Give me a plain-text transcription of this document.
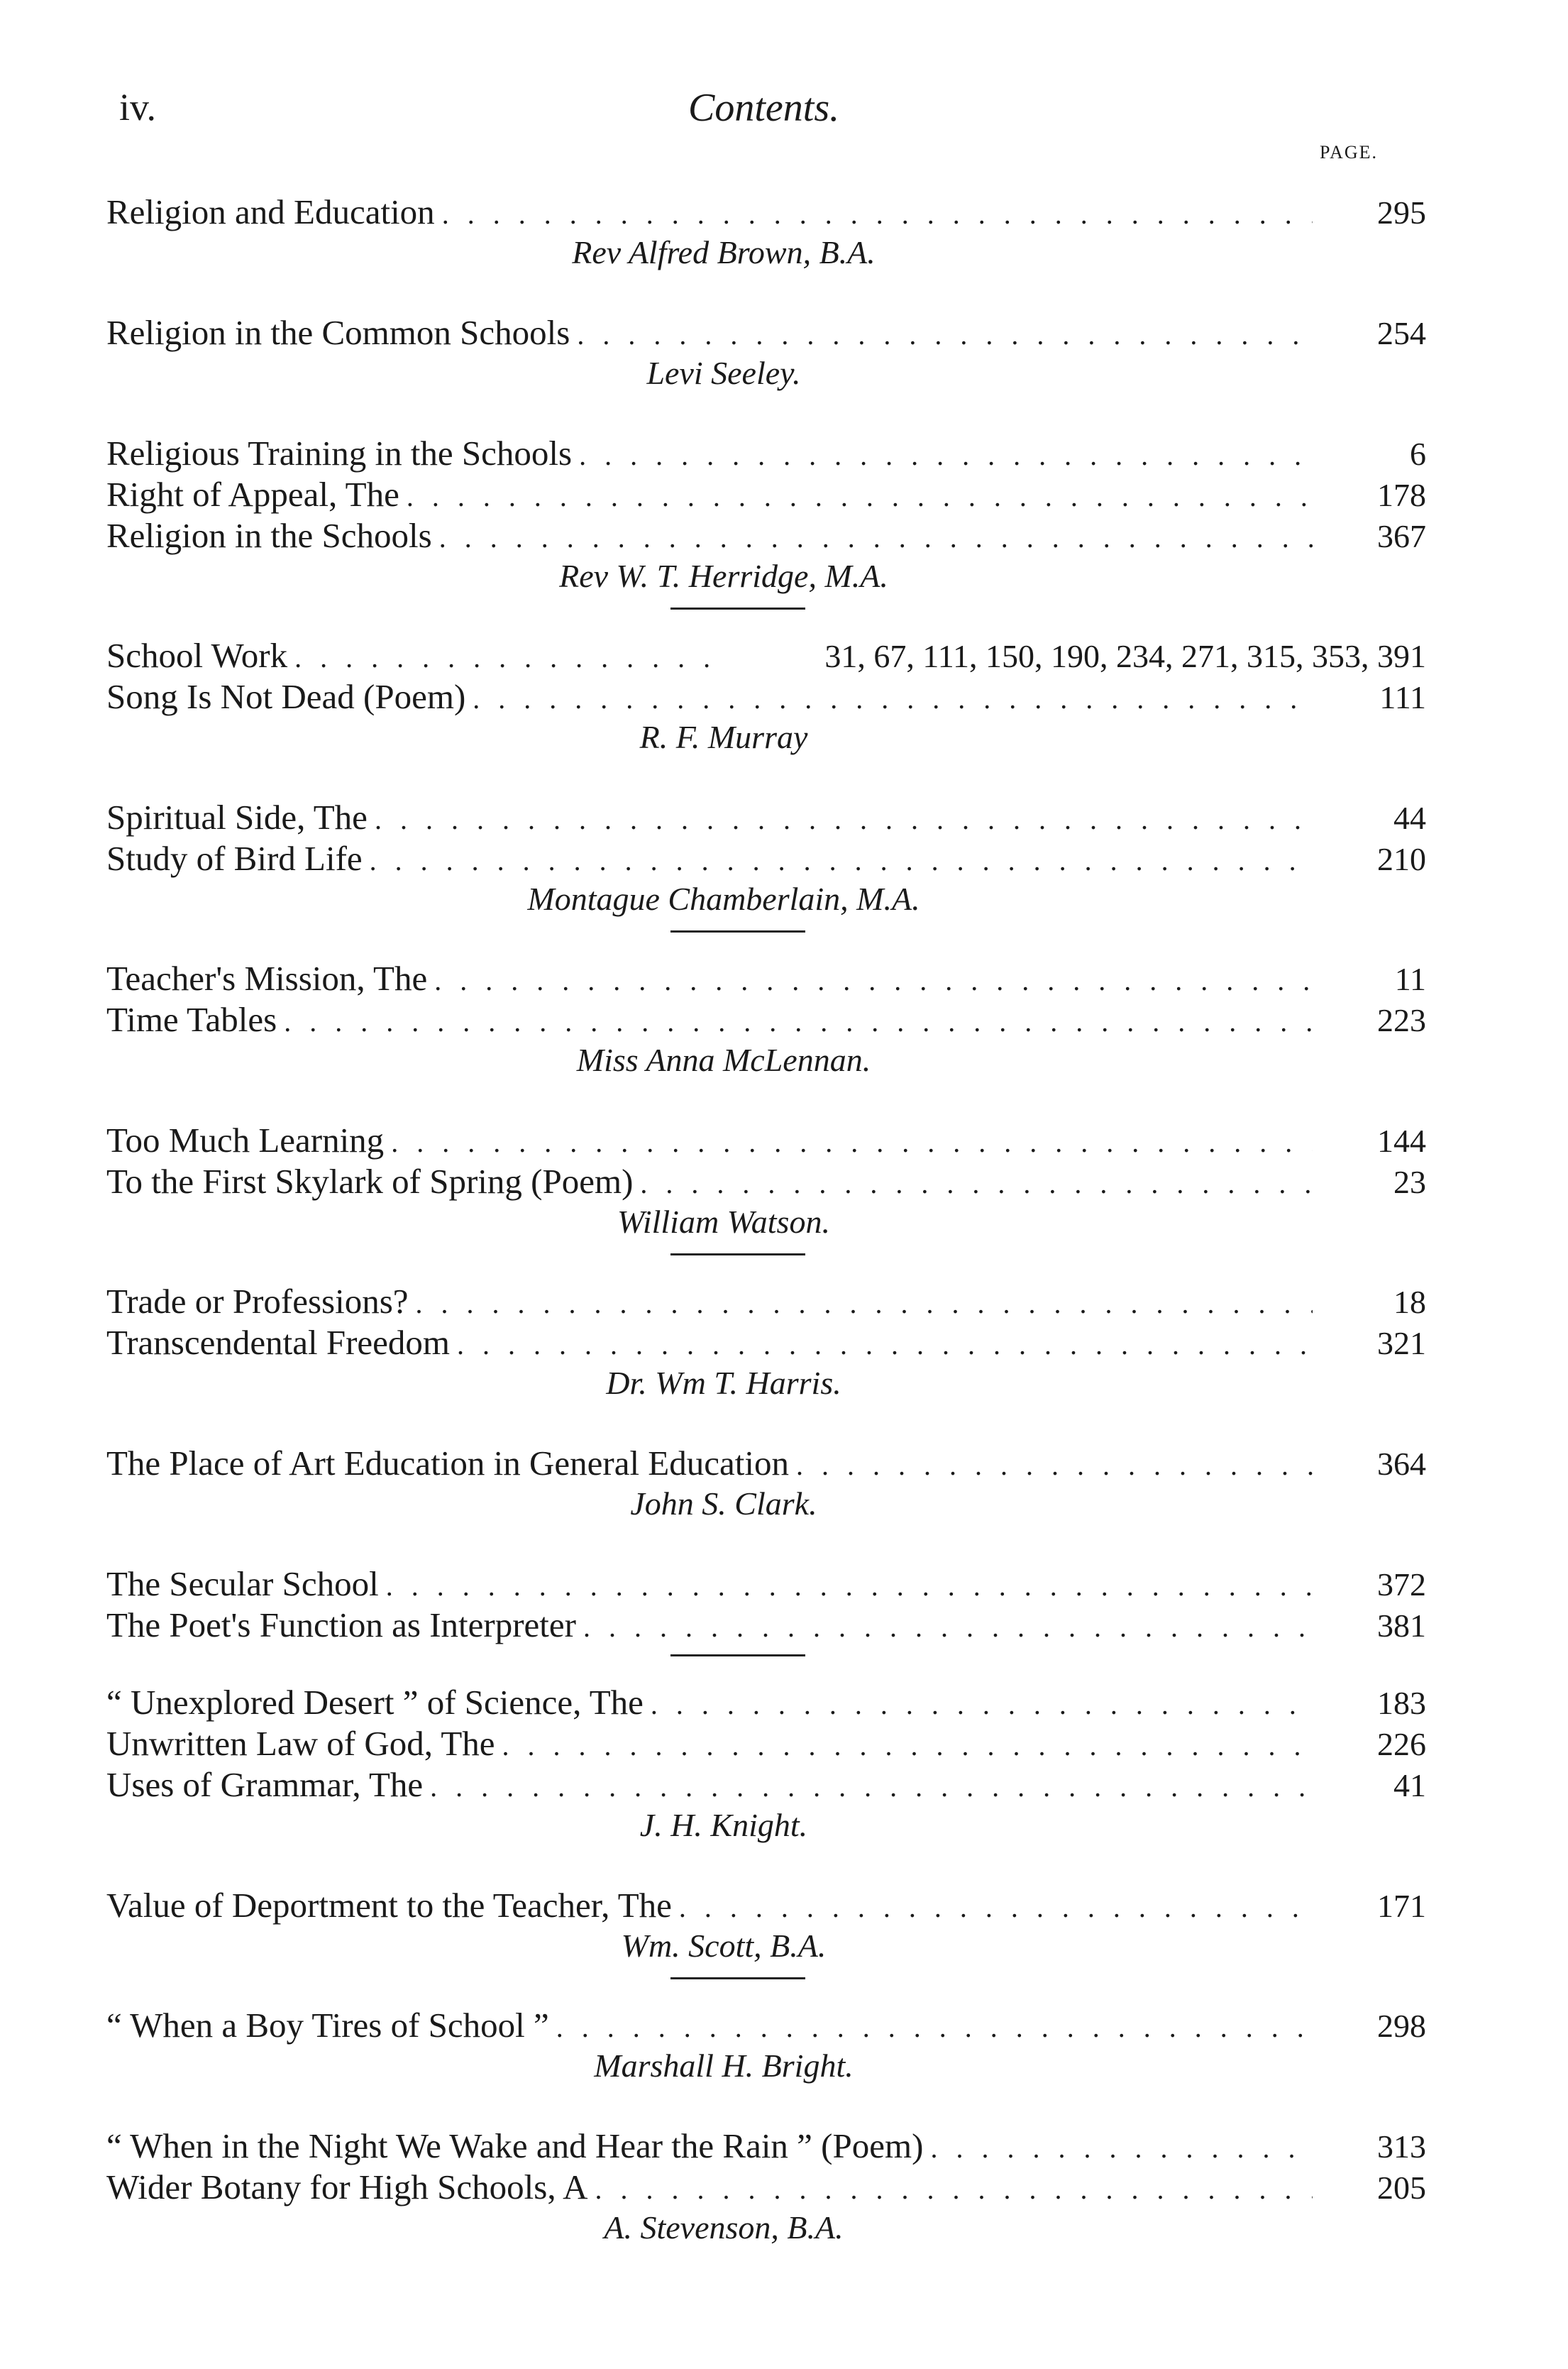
iv.	Contents.
PAGE.
Religion and Education . . .	295
Rev Alfred Brown, B.A.
Religion in the Common Schools . . .	254
Levi Seeley.
Religious Training in the Schools . . .	6
Right of Appeal, The . . .	178
Religion in the Schools . . .	367
Rev W. T. Herridge, M.A.
School Work . . .	31, 67, 111, 150, 190, 234, 271, 315, 353, 391
Song Is Not Dead (Poem) . . .	111
R. F. Murray
Spiritual Side, The . . .	44
Study of Bird Life . . .	210
Montague Chamberlain, M.A.
Teacher's Mission, The . . .	11
Time Tables . . .	223
Miss Anna McLennan.
Too Much Learning . . .	144
To the First Skylark of Spring (Poem) . . .	23
William Watson.
Trade or Professions? . . .	18
Transcendental Freedom . . .	321
Dr. Wm T. Harris.
The Place of Art Education in General Education . . .	364
John S. Clark.
The Secular School . . .	372
The Poet's Function as Interpreter . . .	381
“ Unexplored Desert ” of Science, The . . .	183
Unwritten Law of God, The . . .	226
Uses of Grammar, The . . .	41
J. H. Knight.
Value of Deportment to the Teacher, The . . .	171
Wm. Scott, B.A.
“ When a Boy Tires of School ” . . .	298
Marshall H. Bright.
“ When in the Night We Wake and Hear the Rain ” (Poem) . . .	313
Wider Botany for High Schools, A . . .	205
A. Stevenson, B.A.
